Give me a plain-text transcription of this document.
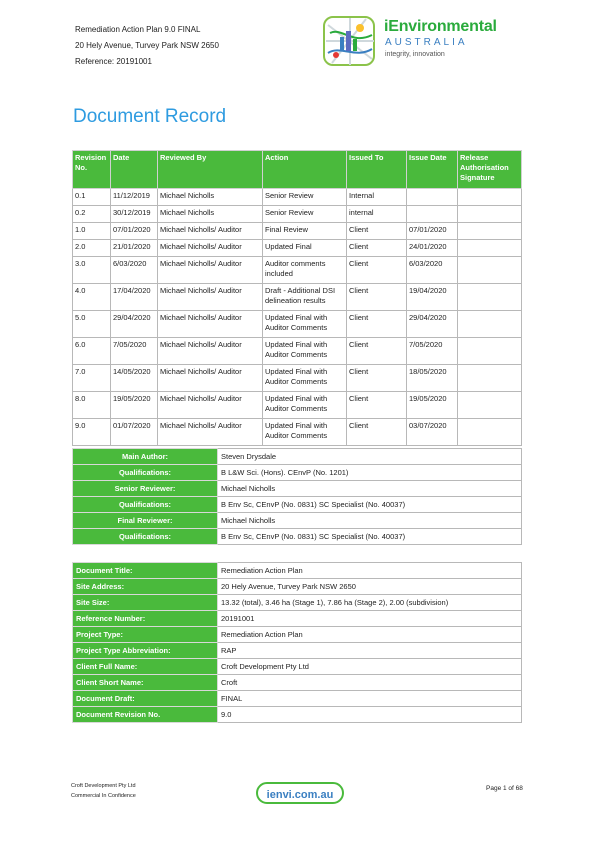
Remediation Action Plan 9.0 FINAL
20 Hely Avenue, Turvey Park NSW 2650
Reference: 20191001
iEnvironmental
AUSTRALIA
integrity, innovation
Document Record
Revision No.	Date	Reviewed By	Action	Issued To	Issue Date	Release Authorisation Signature
0.1	11/12/2019	Michael Nicholls	Senior Review	Internal		
0.2	30/12/2019	Michael Nicholls	Senior Review	internal		
1.0	07/01/2020	Michael Nicholls/ Auditor	Final Review	Client	07/01/2020	
2.0	21/01/2020	Michael Nicholls/ Auditor	Updated Final	Client	24/01/2020	
3.0	6/03/2020	Michael Nicholls/ Auditor	Auditor comments included	Client	6/03/2020	
4.0	17/04/2020	Michael Nicholls/ Auditor	Draft - Additional DSI delineation results	Client	19/04/2020	
5.0	29/04/2020	Michael Nicholls/ Auditor	Updated Final with Auditor Comments	Client	29/04/2020	
6.0	7/05/2020	Michael Nicholls/ Auditor	Updated Final with Auditor Comments	Client	7/05/2020	
7.0	14/05/2020	Michael Nicholls/ Auditor	Updated Final with Auditor Comments	Client	18/05/2020	
8.0	19/05/2020	Michael Nicholls/ Auditor	Updated Final with Auditor Comments	Client	19/05/2020	
9.0	01/07/2020	Michael Nicholls/ Auditor	Updated Final with Auditor Comments	Client	03/07/2020	
Main Author:	Steven Drysdale
Qualifications:	B L&W Sci. (Hons). CEnvP (No. 1201)
Senior Reviewer:	Michael Nicholls
Qualifications:	B Env Sc, CEnvP (No. 0831) SC Specialist (No. 40037)
Final Reviewer:	Michael Nicholls
Qualifications:	B Env Sc, CEnvP (No. 0831) SC Specialist (No. 40037)
Document Title:	Remediation Action Plan
Site Address:	20 Hely Avenue, Turvey Park NSW 2650
Site Size:	13.32 (total), 3.46 ha (Stage 1), 7.86 ha (Stage 2), 2.00 (subdivision)
Reference Number:	20191001
Project Type:	Remediation Action Plan
Project Type Abbreviation:	RAP
Client Full Name:	Croft Development Pty Ltd
Client Short Name:	Croft
Document Draft:	FINAL
Document Revision No.	9.0
Croft Development Pty Ltd
Commercial In Confidence	ienvi.com.au
Page 1 of 68
